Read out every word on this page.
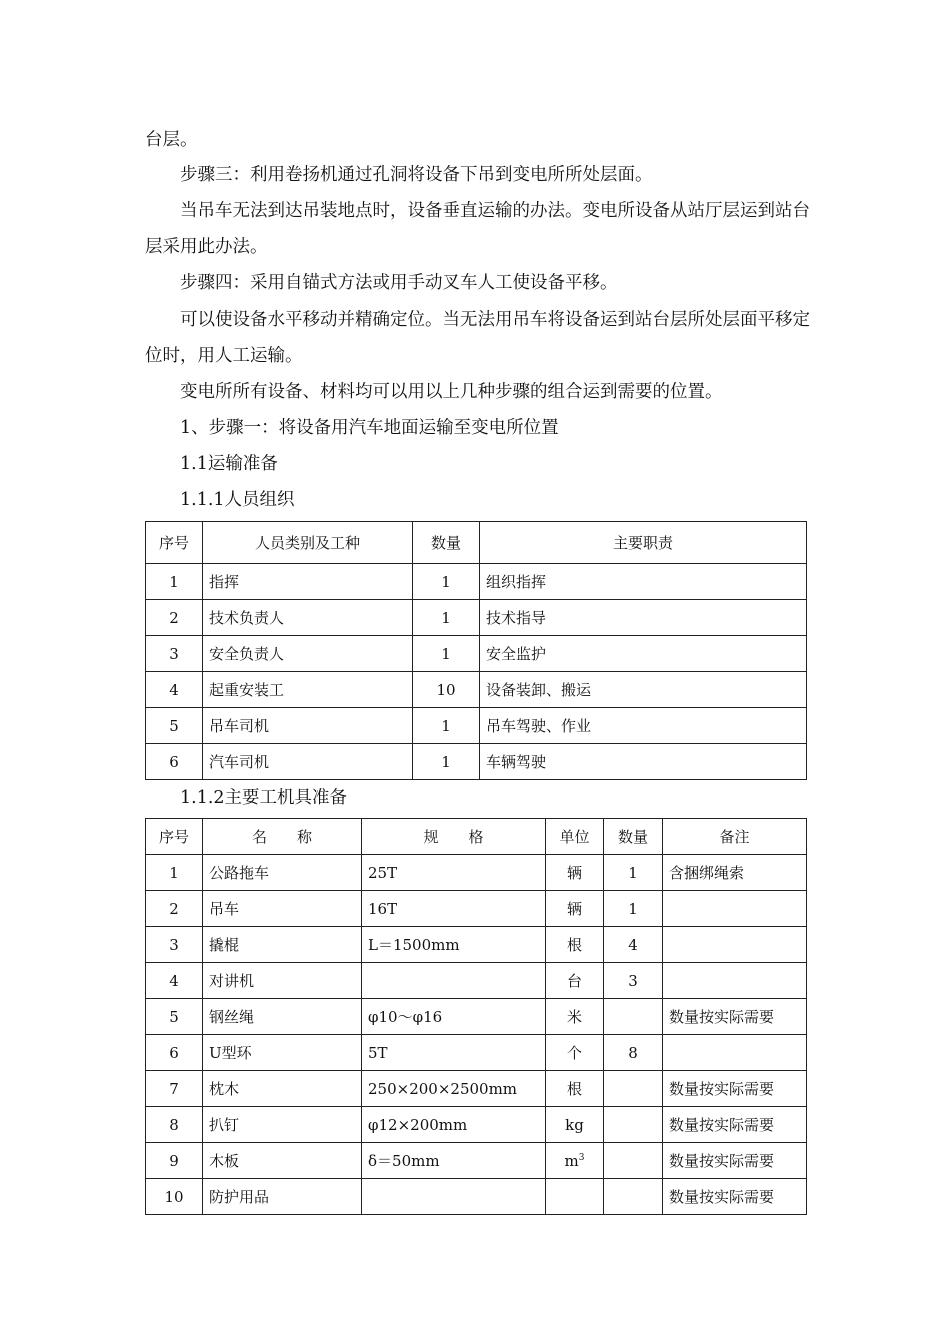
台层。

步骤三：利用卷扬机通过孔洞将设备下吊到变电所所处层面。

当吊车无法到达吊装地点时，设备垂直运输的办法。变电所设备从站厅层运到站台层采用此办法。

步骤四：采用自锚式方法或用手动叉车人工使设备平移。

可以使设备水平移动并精确定位。当无法用吊车将设备运到站台层所处层面平移定位时，用人工运输。

变电所所有设备、材料均可以用以上几种步骤的组合运到需要的位置。

1、步骤一：将设备用汽车地面运输至变电所位置

1.1运输准备

1.1.1人员组织

序号	人员类别及工种	数量	主要职责
1	指挥	1	组织指挥
2	技术负责人	1	技术指导
3	安全负责人	1	安全监护
4	起重安装工	10	设备装卸、搬运
5	吊车司机	1	吊车驾驶、作业
6	汽车司机	1	车辆驾驶

1.1.2主要工机具准备

序号	名　　称	规　　格	单位	数量	备注
1	公路拖车	25T	辆	1	含捆绑绳索
2	吊车	16T	辆	1	
3	撬棍	L＝1500mm	根	4	
4	对讲机		台	3	
5	钢丝绳	φ10～φ16	米		数量按实际需要
6	U型环	5T	个	8	
7	枕木	250×200×2500mm	根		数量按实际需要
8	扒钉	φ12×200mm	kg		数量按实际需要
9	木板	δ＝50mm	$m^3$		数量按实际需要
10	防护用品				数量按实际需要
